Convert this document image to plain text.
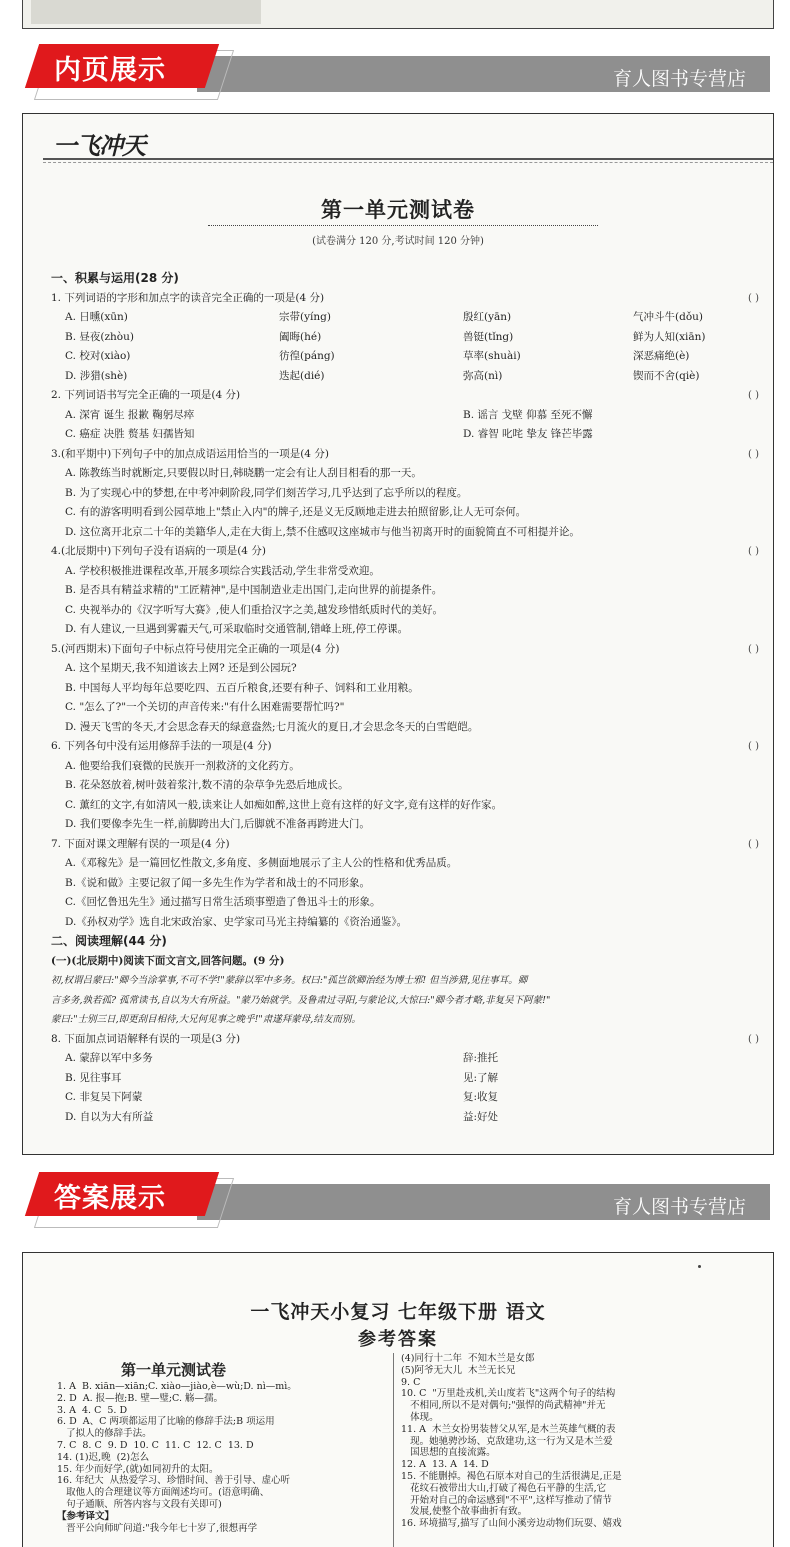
内页展示	育人图书专营店
一飞冲天
第一单元测试卷
(试卷满分 120 分,考试时间 120 分钟)
一、积累与运用(28 分)
1. 下列词语的字形和加点字的读音完全正确的一项是(4 分)	( )
A. 日曛(xūn)	宗带(yíng)	殷红(yān)	气冲斗牛(dǒu)
B. 昼夜(zhòu)	阖晦(hé)	兽铤(tǐng)	鲜为人知(xiān)
C. 校对(xiào)	彷徨(páng)	草率(shuài)	深恶痛绝(è)
D. 涉猎(shè)	迭起(dié)	弥高(nì)	锲而不舍(qiè)
2. 下列词语书写完全正确的一项是(4 分)	( )
A. 深宵 诞生 报歉 鞠躬尽瘁	B. 谣言 戈壁 仰慕 至死不懈
C. 癌症 决胜 赘基 妇孺皆知	D. 睿智 叱咤 挚友 锋芒毕露
3.(和平期中)下列句子中的加点成语运用恰当的一项是(4 分)	( )
A. 陈教练当时就断定,只要假以时日,韩晓鹏一定会有让人刮目相看的那一天。
B. 为了实现心中的梦想,在中考冲刺阶段,同学们刻苦学习,几乎达到了忘乎所以的程度。
C. 有的游客明明看到公园草地上"禁止入内"的牌子,还是义无反顾地走进去拍照留影,让人无可奈何。
D. 这位离开北京二十年的美籍华人,走在大街上,禁不住感叹这座城市与他当初离开时的面貌简直不可相提并论。
4.(北辰期中)下列句子没有语病的一项是(4 分)	( )
A. 学校积极推进课程改革,开展多项综合实践活动,学生非常受欢迎。
B. 是否具有精益求精的"工匠精神",是中国制造业走出国门,走向世界的前提条件。
C. 央视举办的《汉字听写大赛》,使人们重拾汉字之美,越发珍惜纸质时代的美好。
D. 有人建议,一旦遇到雾霾天气,可采取临时交通管制,错峰上班,停工停课。
5.(河西期末)下面句子中标点符号使用完全正确的一项是(4 分)	( )
A. 这个星期天,我不知道该去上网? 还是到公园玩?
B. 中国每人平均每年总要吃四、五百斤粮食,还要有种子、饲料和工业用粮。
C. "怎么了?"一个关切的声音传来:"有什么困难需要帮忙吗?"
D. 漫天飞雪的冬天,才会思念春天的绿意盎然;七月流火的夏日,才会思念冬天的白雪皑皑。
6. 下列各句中没有运用修辞手法的一项是(4 分)	( )
A. 他要给我们衰微的民族开一剂救济的文化药方。
B. 花朵怒放着,树叶鼓着浆汁,数不清的杂草争先恐后地成长。
C. 薰红的文字,有如清风一般,读来让人如痴如醉,这世上竟有这样的好文字,竟有这样的好作家。
D. 我们要像李先生一样,前脚跨出大门,后脚就不准备再跨进大门。
7. 下面对课文理解有误的一项是(4 分)	( )
A.《邓稼先》是一篇回忆性散文,多角度、多侧面地展示了主人公的性格和优秀品质。
B.《说和做》主要记叙了闻一多先生作为学者和战士的不同形象。
C.《回忆鲁迅先生》通过描写日常生活琐事塑造了鲁迅斗士的形象。
D.《孙权劝学》选自北宋政治家、史学家司马光主持编纂的《资治通鉴》。
二、阅读理解(44 分)
(一)(北辰期中)阅读下面文言文,回答问题。(9 分)
初,权谓吕蒙曰:"卿今当涂掌事,不可不学!"蒙辞以军中多务。权曰:"孤岂欲卿治经为博士邪! 但当涉猎,见往事耳。卿
言多务,孰若孤? 孤常读书,自以为大有所益。"蒙乃始就学。及鲁肃过寻阳,与蒙论议,大惊曰:"卿今者才略,非复吴下阿蒙!"
蒙曰:"士别三日,即更刮目相待,大兄何见事之晚乎!"肃遂拜蒙母,结友而别。
8. 下面加点词语解释有误的一项是(3 分)	( )
A. 蒙辞以军中多务	辞:推托
B. 见往事耳	见:了解
C. 非复吴下阿蒙	复:收复
D. 自以为大有所益	益:好处
答案展示	育人图书专营店
一飞冲天小复习 七年级下册 语文
参考答案
第一单元测试卷
1. A  B. xiān—xiān;C. xiào—jiào,è—wù;D. nì—mì。
2. D  A. 报—抱;B. 壁—璧;C. 觞—孺。
3. A  4. C  5. D
6. D  A、C 两项都运用了比喻的修辞手法;B 项运用
了拟人的修辞手法。
7. C  8. C  9. D  10. C  11. C  12. C  13. D
14. (1)迟,晚  (2)怎么
15. 年少而好学,(就)如同初升的太阳。
16. 年纪大  从热爱学习、珍惜时间、善于引导、虚心听
取他人的合理建议等方面阐述均可。(语意明确、
句子通顺、所答内容与文段有关即可)
【参考译文】
晋平公向师旷问道:"我今年七十岁了,很想再学
(4)同行十二年  不知木兰是女郎
(5)阿爷无大儿  木兰无长兄
9. C
10. C  "万里赴戎机,关山度若飞"这两个句子的结构
不相同,所以不是对偶句;"强悍的尚武精神"并无
体现。
11. A  木兰女扮男装替父从军,是木兰英雄气概的表
现。她驰骋沙场、克敌建功,这一行为又是木兰爱
国思想的直接流露。
12. A  13. A  14. D
15. 不能删掉。褐色石原本对自己的生活很满足,正是
花纹石被带出大山,打破了褐色石平静的生活,它
开始对自己的命运感到"不平",这样写推动了情节
发展,使整个故事曲折有致。
16. 环境描写,描写了山间小溪旁边动物们玩耍、嬉戏
